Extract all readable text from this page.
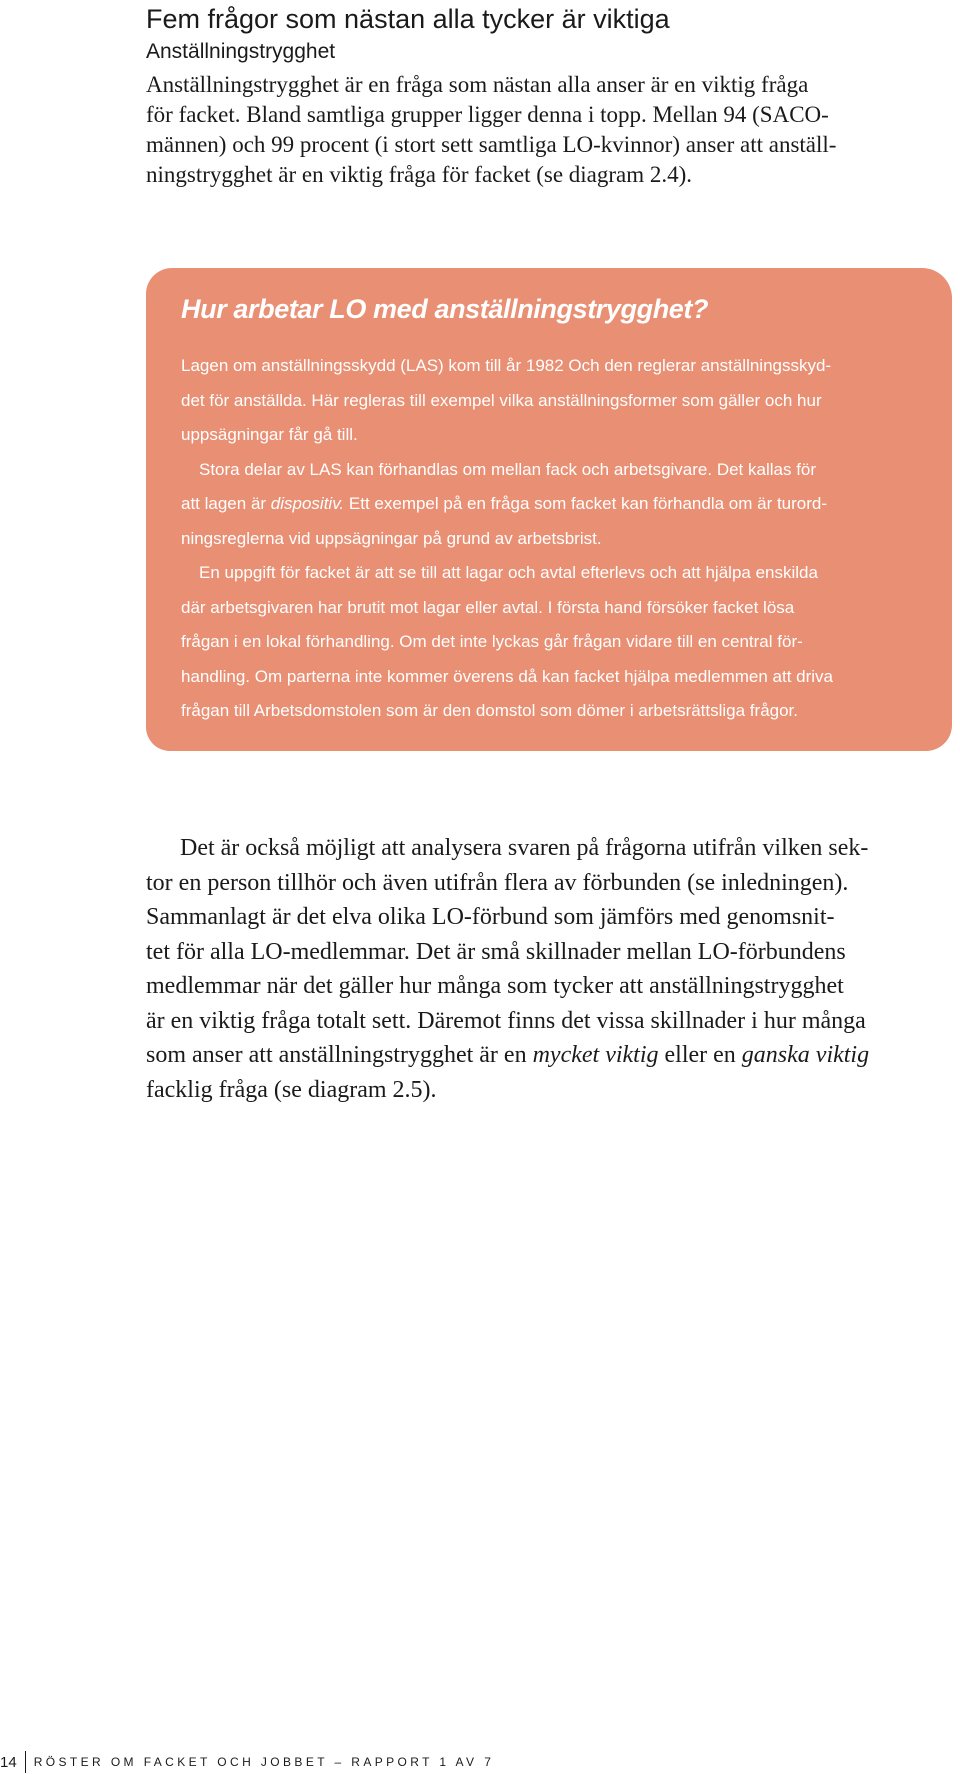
Fem frågor som nästan alla tycker är viktiga
Anställningstrygghet

Anställningstrygghet är en fråga som nästan alla anser är en viktig fråga
för facket. Bland samtliga grupper ligger denna i topp. Mellan 94 (SACO-
männen) och 99 procent (i stort sett samtliga LO-kvinnor) anser att anställ-
ningstrygghet är en viktig fråga för facket (se diagram 2.4).

Hur arbetar LO med anställningstrygghet?
Lagen om anställningsskydd (LAS) kom till år 1982 Och den reglerar anställningsskyd-
det för anställda. Här regleras till exempel vilka anställningsformer som gäller och hur
uppsägningar får gå till.
Stora delar av LAS kan förhandlas om mellan fack och arbetsgivare. Det kallas för
att lagen är dispositiv. Ett exempel på en fråga som facket kan förhandla om är turord-
ningsreglerna vid uppsägningar på grund av arbetsbrist.
En uppgift för facket är att se till att lagar och avtal efterlevs och att hjälpa enskilda
där arbetsgivaren har brutit mot lagar eller avtal. I första hand försöker facket lösa
frågan i en lokal förhandling. Om det inte lyckas går frågan vidare till en central för-
handling. Om parterna inte kommer överens då kan facket hjälpa medlemmen att driva
frågan till Arbetsdomstolen som är den domstol som dömer i arbetsrättsliga frågor.

Det är också möjligt att analysera svaren på frågorna utifrån vilken sek-
tor en person tillhör och även utifrån flera av förbunden (se inledningen).
Sammanlagt är det elva olika LO-förbund som jämförs med genomsnit-
tet för alla LO-medlemmar. Det är små skillnader mellan LO-förbundens
medlemmar när det gäller hur många som tycker att anställningstrygghet
är en viktig fråga totalt sett. Däremot finns det vissa skillnader i hur många
som anser att anställningstrygghet är en mycket viktig eller en ganska viktig
facklig fråga (se diagram 2.5).

14 RÖSTER OM FACKET OCH JOBBET – RAPPORT 1 AV 7
